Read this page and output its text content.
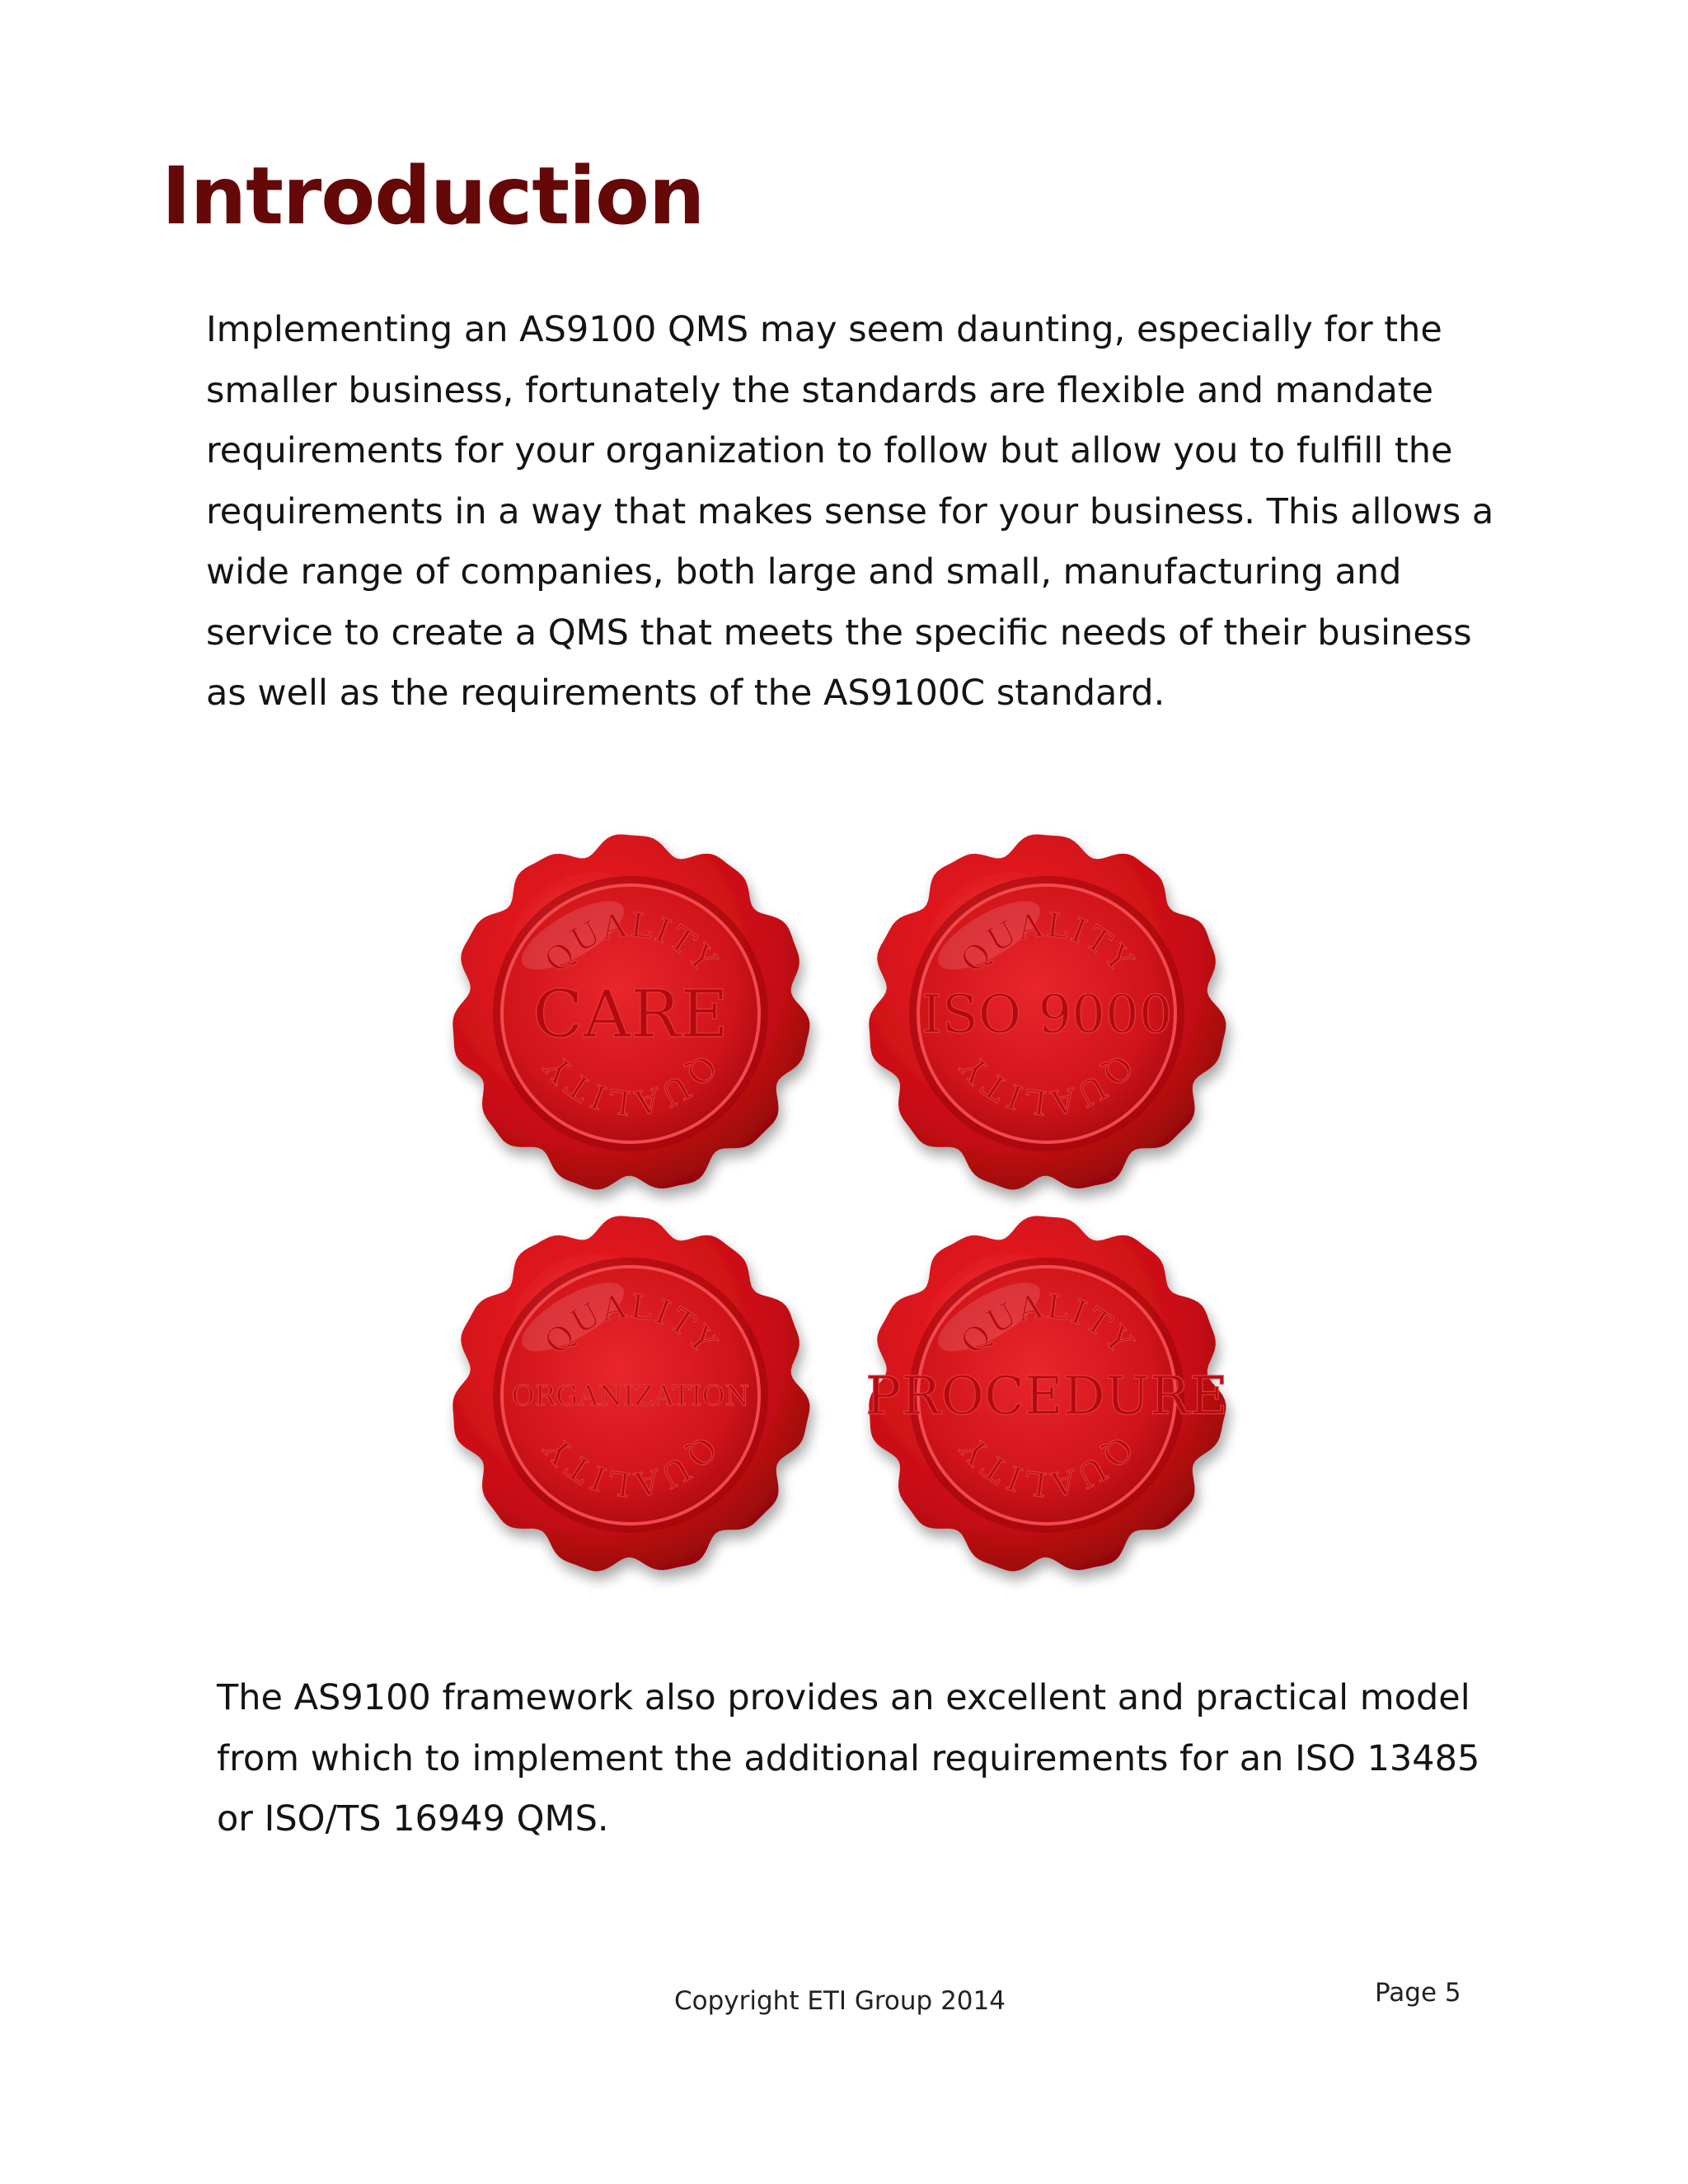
Introduction
Implementing an AS9100 QMS may seem daunting, especially for the
smaller business, fortunately the standards are flexible and mandate
requirements for your organization to follow but allow you to fulfill the
requirements in a way that makes sense for your business. This allows a
wide range of companies, both large and small, manufacturing and
service to create a QMS that meets the specific needs of their business
as well as the requirements of the AS9100C standard.
QUALITY
CARE
QUALITY
QUALITY
ISO 9000
QUALITY
QUALITY
ORGANIZATION
QUALITY
QUALITY
PROCEDURE
QUALITY
The AS9100 framework also provides an excellent and practical model
from which to implement the additional requirements for an ISO 13485
or ISO/TS 16949 QMS.
Copyright ETI Group 2014	Page 5
